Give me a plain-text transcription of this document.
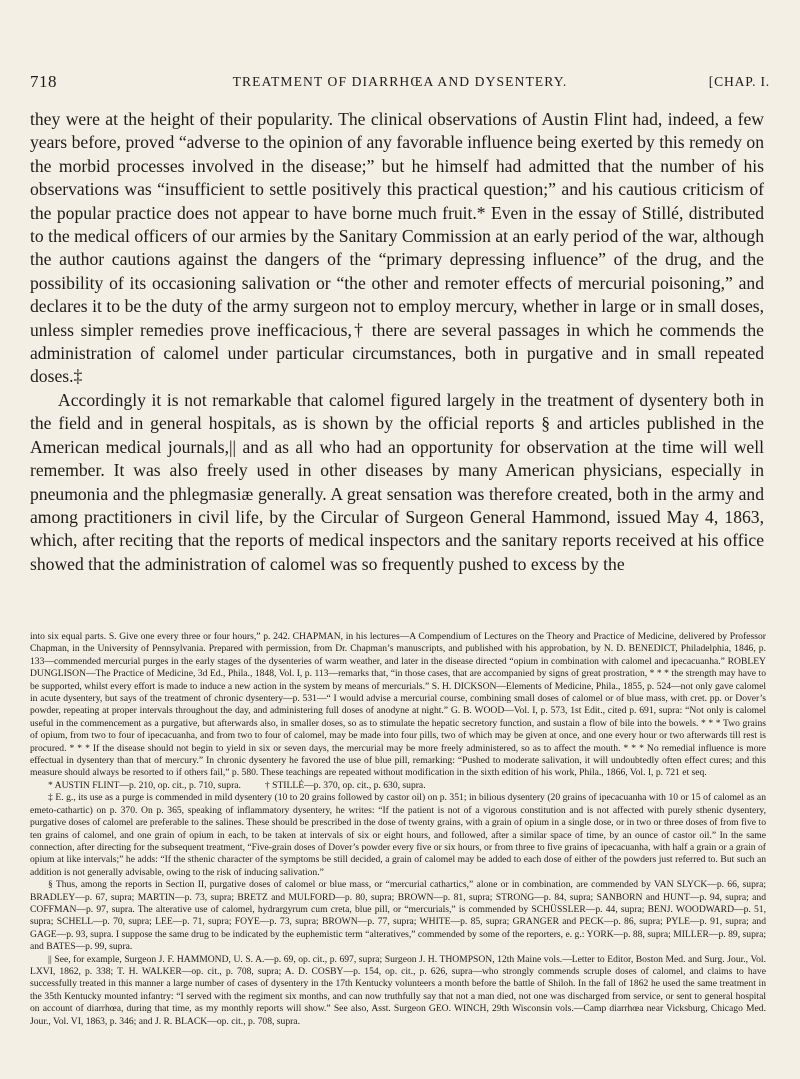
718	TREATMENT OF DIARRHŒA AND DYSENTERY.	[CHAP. I.

they were at the height of their popularity. The clinical observations of Austin Flint had, indeed, a few years before, proved “adverse to the opinion of any favorable influence being exerted by this remedy on the morbid processes involved in the disease;” but he himself had admitted that the number of his observations was “insufficient to settle positively this practical question;” and his cautious criticism of the popular practice does not appear to have borne much fruit.* Even in the essay of Stillé, distributed to the medical officers of our armies by the Sanitary Commission at an early period of the war, although the author cautions against the dangers of the “primary depressing influence” of the drug, and the possibility of its occasioning salivation or “the other and remoter effects of mercurial poisoning,” and declares it to be the duty of the army surgeon not to employ mercury, whether in large or in small doses, unless simpler remedies prove inefficacious,† there are several passages in which he commends the administration of calomel under particular circumstances, both in purgative and in small repeated doses.‡

Accordingly it is not remarkable that calomel figured largely in the treatment of dysentery both in the field and in general hospitals, as is shown by the official reports § and articles published in the American medical journals,|| and as all who had an opportunity for observation at the time will well remember. It was also freely used in other diseases by many American physicians, especially in pneumonia and the phlegmasiæ generally. A great sensation was therefore created, both in the army and among practitioners in civil life, by the Circular of Surgeon General Hammond, issued May 4, 1863, which, after reciting that the reports of medical inspectors and the sanitary reports received at his office showed that the administration of calomel was so frequently pushed to excess by the

into six equal parts. S. Give one every three or four hours,” p. 242. CHAPMAN, in his lectures—A Compendium of Lectures on the Theory and Practice of Medicine, delivered by Professor Chapman, in the University of Pennsylvania. Prepared with permission, from Dr. Chapman’s manuscripts, and published with his approbation, by N. D. BENEDICT, Philadelphia, 1846, p. 133—commended mercurial purges in the early stages of the dysenteries of warm weather, and later in the disease directed “opium in combination with calomel and ipecacuanha.” ROBLEY DUNGLISON—The Practice of Medicine, 3d Ed., Phila., 1848, Vol. I, p. 113—remarks that, “in those cases, that are accompanied by signs of great prostration, * * * the strength may have to be supported, whilst every effort is made to induce a new action in the system by means of mercurials.” S. H. DICKSON—Elements of Medicine, Phila., 1855, p. 524—not only gave calomel in acute dysentery, but says of the treatment of chronic dysentery—p. 531—“ I would advise a mercurial course, combining small doses of calomel or of blue mass, with cret. pp. or Dover’s powder, repeating at proper intervals throughout the day, and administering full doses of anodyne at night.” G. B. WOOD—Vol. I, p. 573, 1st Edit., cited p. 691, supra: “Not only is calomel useful in the commencement as a purgative, but afterwards also, in smaller doses, so as to stimulate the hepatic secretory function, and sustain a flow of bile into the bowels. * * * Two grains of opium, from two to four of ipecacuanha, and from two to four of calomel, may be made into four pills, two of which may be given at once, and one every hour or two afterwards till rest is procured. * * * If the disease should not begin to yield in six or seven days, the mercurial may be more freely administered, so as to affect the mouth. * * * No remedial influence is more effectual in dysentery than that of mercury.” In chronic dysentery he favored the use of blue pill, remarking: “Pushed to moderate salivation, it will undoubtedly often effect cures; and this measure should always be resorted to if others fail,” p. 580. These teachings are repeated without modification in the sixth edition of his work, Phila., 1866, Vol. I, p. 721 et seq.

* AUSTIN FLINT—p. 210, op. cit., p. 710, supra.          † STILLÉ—p. 370, op. cit., p. 630, supra.

‡ E. g., its use as a purge is commended in mild dysentery (10 to 20 grains followed by castor oil) on p. 351; in bilious dysentery (20 grains of ipecacuanha with 10 or 15 of calomel as an emeto-cathartic) on p. 370. On p. 365, speaking of inflammatory dysentery, he writes: “If the patient is not of a vigorous constitution and is not affected with purely sthenic dysentery, purgative doses of calomel are preferable to the salines. These should be prescribed in the dose of twenty grains, with a grain of opium in a single dose, or in two or three doses of from five to ten grains of calomel, and one grain of opium in each, to be taken at intervals of six or eight hours, and followed, after a similar space of time, by an ounce of castor oil.” In the same connection, after directing for the subsequent treatment, “Five-grain doses of Dover’s powder every five or six hours, or from three to five grains of ipecacuanha, with half a grain or a grain of opium at like intervals;” he adds: “If the sthenic character of the symptoms be still decided, a grain of calomel may be added to each dose of either of the powders just referred to. But such an addition is not generally advisable, owing to the risk of inducing salivation.”

§ Thus, among the reports in Section II, purgative doses of calomel or blue mass, or “mercurial cathartics,” alone or in combination, are commended by VAN SLYCK—p. 66, supra; BRADLEY—p. 67, supra; MARTIN—p. 73, supra; BRETZ and MULFORD—p. 80, supra; BROWN—p. 81, supra; STRONG—p. 84, supra; SANBORN and HUNT—p. 94, supra; and COFFMAN—p. 97, supra. The alterative use of calomel, hydrargyrum cum creta, blue pill, or “mercurials,” is commended by SCHÜSSLER—p. 44, supra; BENJ. WOODWARD—p. 51, supra; SCHELL—p. 70, supra; LEE—p. 71, supra; FOYE—p. 73, supra; BROWN—p. 77, supra; WHITE—p. 85, supra; GRANGER and PECK—p. 86, supra; PYLE—p. 91, supra; and GAGE—p. 93, supra. I suppose the same drug to be indicated by the euphemistic term “alteratives,” commended by some of the reporters, e. g.: YORK—p. 88, supra; MILLER—p. 89, supra; and BATES—p. 99, supra.

|| See, for example, Surgeon J. F. HAMMOND, U. S. A.—p. 69, op. cit., p. 697, supra; Surgeon J. H. THOMPSON, 12th Maine vols.—Letter to Editor, Boston Med. and Surg. Jour., Vol. LXVI, 1862, p. 338; T. H. WALKER—op. cit., p. 708, supra; A. D. COSBY—p. 154, op. cit., p. 626, supra—who strongly commends scruple doses of calomel, and claims to have successfully treated in this manner a large number of cases of dysentery in the 17th Kentucky volunteers a month before the battle of Shiloh. In the fall of 1862 he used the same treatment in the 35th Kentucky mounted infantry: “I served with the regiment six months, and can now truthfully say that not a man died, not one was discharged from service, or sent to general hospital on account of diarrhœa, during that time, as my monthly reports will show.” See also, Asst. Surgeon GEO. WINCH, 29th Wisconsin vols.—Camp diarrhœa near Vicksburg, Chicago Med. Jour., Vol. VI, 1863, p. 346; and J. R. BLACK—op. cit., p. 708, supra.
